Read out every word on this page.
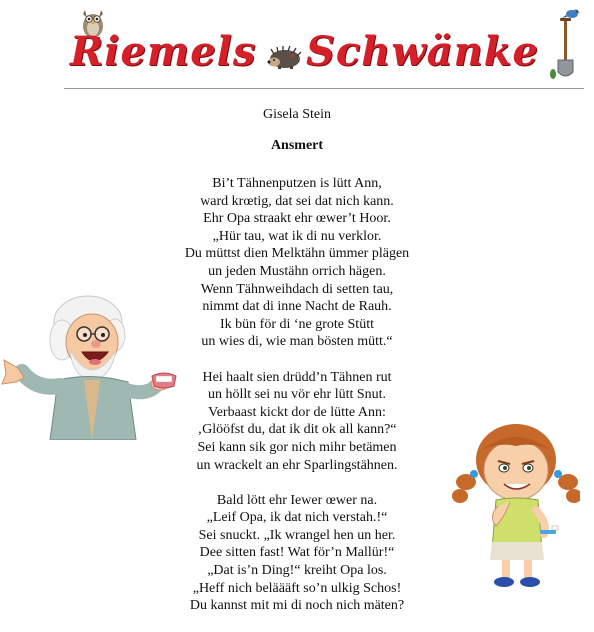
Riemels Schwänke
Gisela Stein
Ansmert
Bi’t Tähnenputzen is lütt Ann,
ward krœtig, dat sei dat nich kann.
Ehr Opa straakt ehr œwer’t Hoor.
„Hür tau, wat ik di nu verklor.
Du müttst dien Melktähn ümmer plägen
un jeden Mustähn orrich hägen.
Wenn Tähnweihdach di setten tau,
nimmt dat di inne Nacht de Rauh.
Ik bün för di ‘ne grote Stütt
un wies di, wie man bösten mütt.“
Hei haalt sien drüdd’n Tähnen rut
un höllt sei nu vör ehr lütt Snut.
Verbaast kickt dor de lütte Ann:
‚Glööfst du, dat ik dit ok all kann?“
Sei kann sik gor nich mihr betämen
un wrackelt an ehr Sparlingstähnen.
Bald lött ehr Iewer œwer na.
„Leif Opa, ik dat nich verstah.!“
Sei snuckt. „Ik wrangel hen un her.
Dee sitten fast! Wat för’n Mallür!“
„Dat is’n Ding!“ kreiht Opa los.
„Heff nich beläääft so’n ulkig Schos!
Du kannst mit mi di noch nich mäten?
